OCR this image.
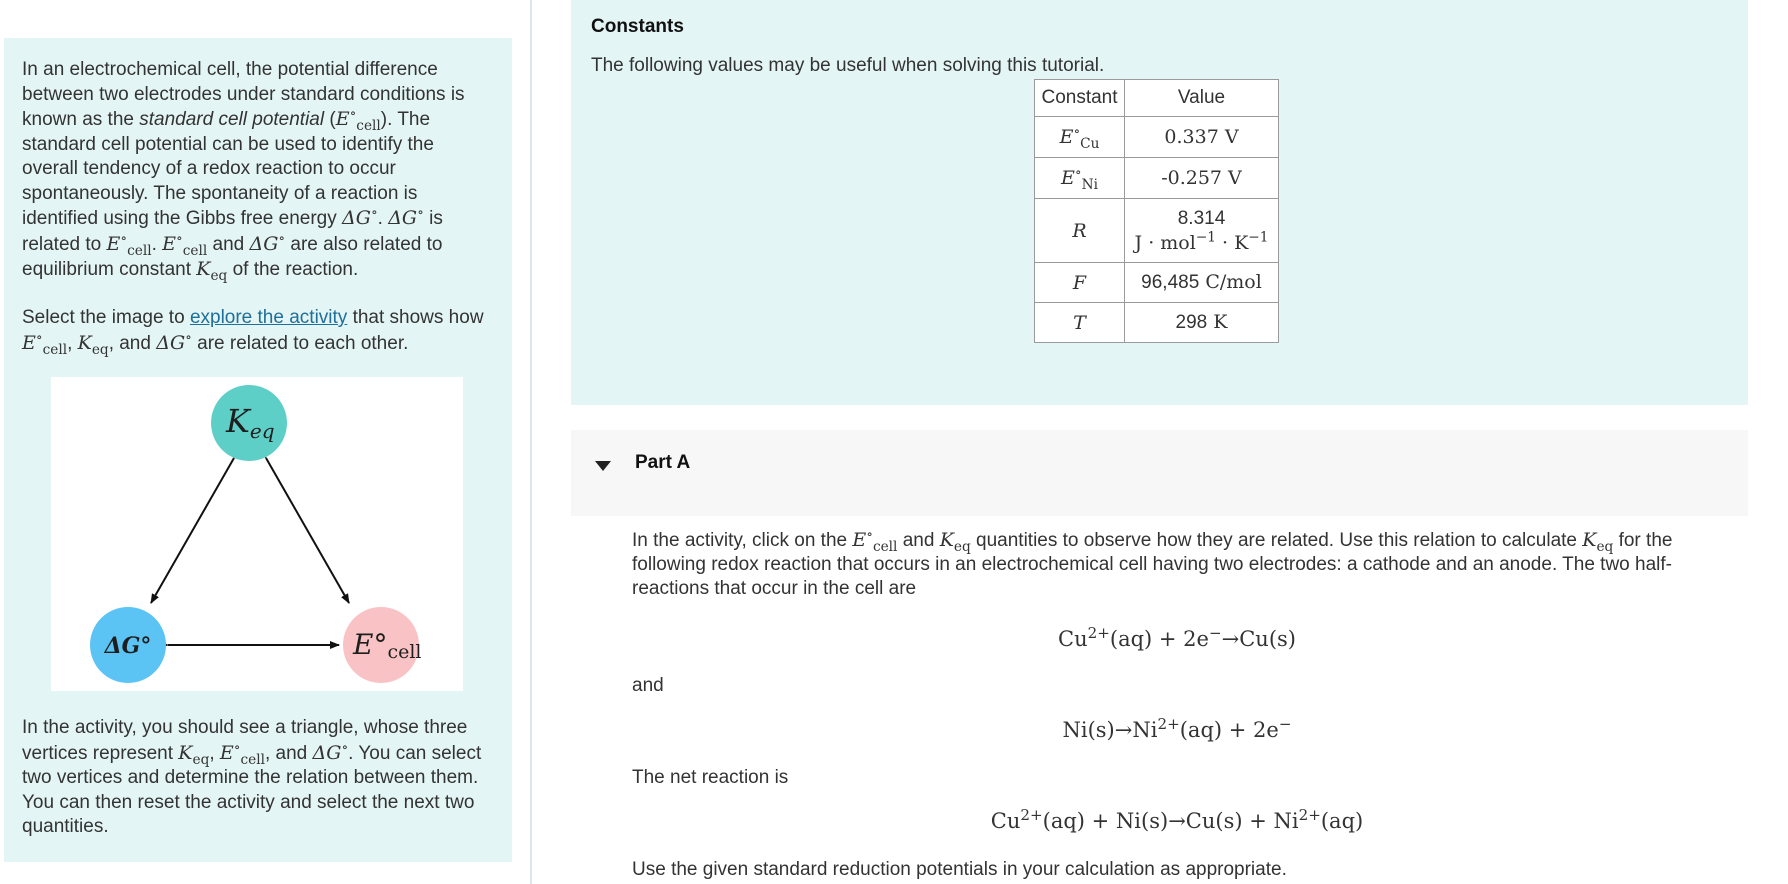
In an electrochemical cell, the potential difference between two electrodes under standard conditions is known as the standard cell potential $(E^\circ_{cell})$. The standard cell potential can be used to identify the overall tendency of a redox reaction to occur spontaneously. The spontaneity of a reaction is identified using the Gibbs free energy ΔG∘. ΔG∘ is related to $E^\circ_{cell}$. $E^\circ_{cell}$ and ΔG∘ are also related to equilibrium constant $K_{eq}$ of the reaction.

Select the image to explore the activity that shows how $E^\circ_{cell}$, $K_{eq}$, and ΔG∘ are related to each other.

Keq
ΔG°	E°cell

In the activity, you should see a triangle, whose three vertices represent $K_{eq}$, $E^\circ_{cell}$, and ΔG∘. You can select two vertices and determine the relation between them. You can then reset the activity and select the next two quantities.

Constants
The following values may be useful when solving this tutorial.
Constant	Value
$E^\circ_{Cu}$	0.337 V
$E^\circ_{Ni}$	-0.257 V
R	8.314
$J \cdot mol^{-1} \cdot K^{-1}$
F	96,485 C/mol
T	298 K
Part A

In the activity, click on the $E^\circ_{cell}$ and $K_{eq}$ quantities to observe how they are related. Use this relation to calculate $K_{eq}$ for the following redox reaction that occurs in an electrochemical cell having two electrodes: a cathode and an anode. The two half-reactions that occur in the cell are

$Cu^{2+}(aq) + 2e^-\to Cu(s)$

and

$Ni(s)\to Ni^{2+}(aq) + 2e^-$

The net reaction is

$Cu^{2+}(aq) + Ni(s)\to Cu(s) + Ni^{2+}(aq)$

Use the given standard reduction potentials in your calculation as appropriate.
